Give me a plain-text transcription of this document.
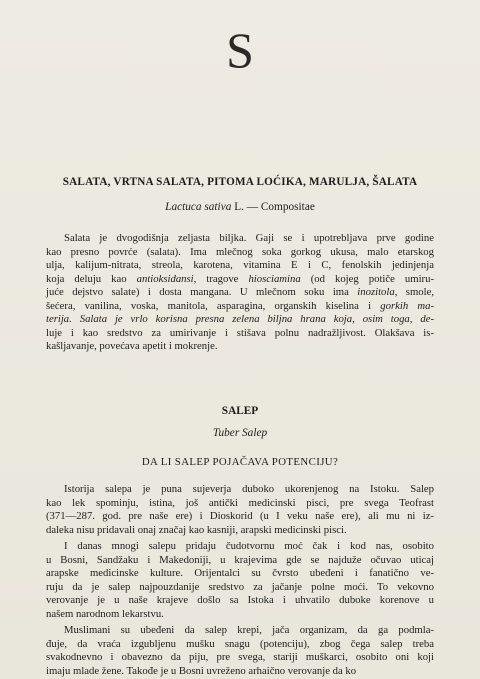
S
SALATA, VRTNA SALATA, PITOMA LOĆIKA, MARULJA, ŠALATA
Lactuca sativa L. — Compositae
Salata je dvogodišnja zeljasta biljka. Gaji se i upotrebljava prve godine
kao presno povrće (salata). Ima mlečnog soka gorkog ukusa, malo etarskog
ulja, kalijum-nitrata, streola, karotena, vitamina E i C, fenolskih jedinjenja
koja deluju kao antioksidansi, tragove hiosciamina (od kojeg potiče umiru-
juće dejstvo salate) i dosta mangana. U mlečnom soku ima inozitola, smole,
šećera, vanilina, voska, manitola, asparagina, organskih kiselina i gorkih ma-
terija. Salata je vrlo korisna presna zelena biljna hrana koja, osim toga, de-
luje i kao sredstvo za umirivanje i stišava polnu nadražljivost. Olakšava is-
kašljavanje, povećava apetit i mokrenje.
SALEP
Tuber Salep
DA LI SALEP POJAČAVA POTENCIJU?
Istorija salepa je puna sujeverja duboko ukorenjenog na Istoku. Salep
kao lek spominju, istina, još antički medicinski pisci, pre svega Teofrast
(371—287. god. pre naše ere) i Dioskorid (u I veku naše ere), ali mu ni iz-
daleka nisu pridavali onaj značaj kao kasniji, arapski medicinski pisci.
I danas mnogi salepu pridaju čudotvornu moć čak i kod nas, osobito
u Bosni, Sandžaku i Makedoniji, u krajevima gde se najduže očuvao uticaj
arapske medicinske kulture. Orijentalci su čvrsto ubeđeni i fanatično ve-
ruju da je salep najpouzdanije sredstvo za jačanje polne moći. To vekovno
verovanje je u naše krajeve došlo sa Istoka i uhvatilo duboke korenove u
našem narodnom lekarstvu.
Muslimani su ubeđeni da salep krepi, jača organizam, da ga podmla-
đuje, da vraća izgubljenu mušku snagu (potenciju), zbog čega salep treba
svakodnevno i obavezno da piju, pre svega, stariji muškarci, osobito oni koji
imaju mlade žene. Takođe je u Bosni uvreženo arhaično verovanje da ko
